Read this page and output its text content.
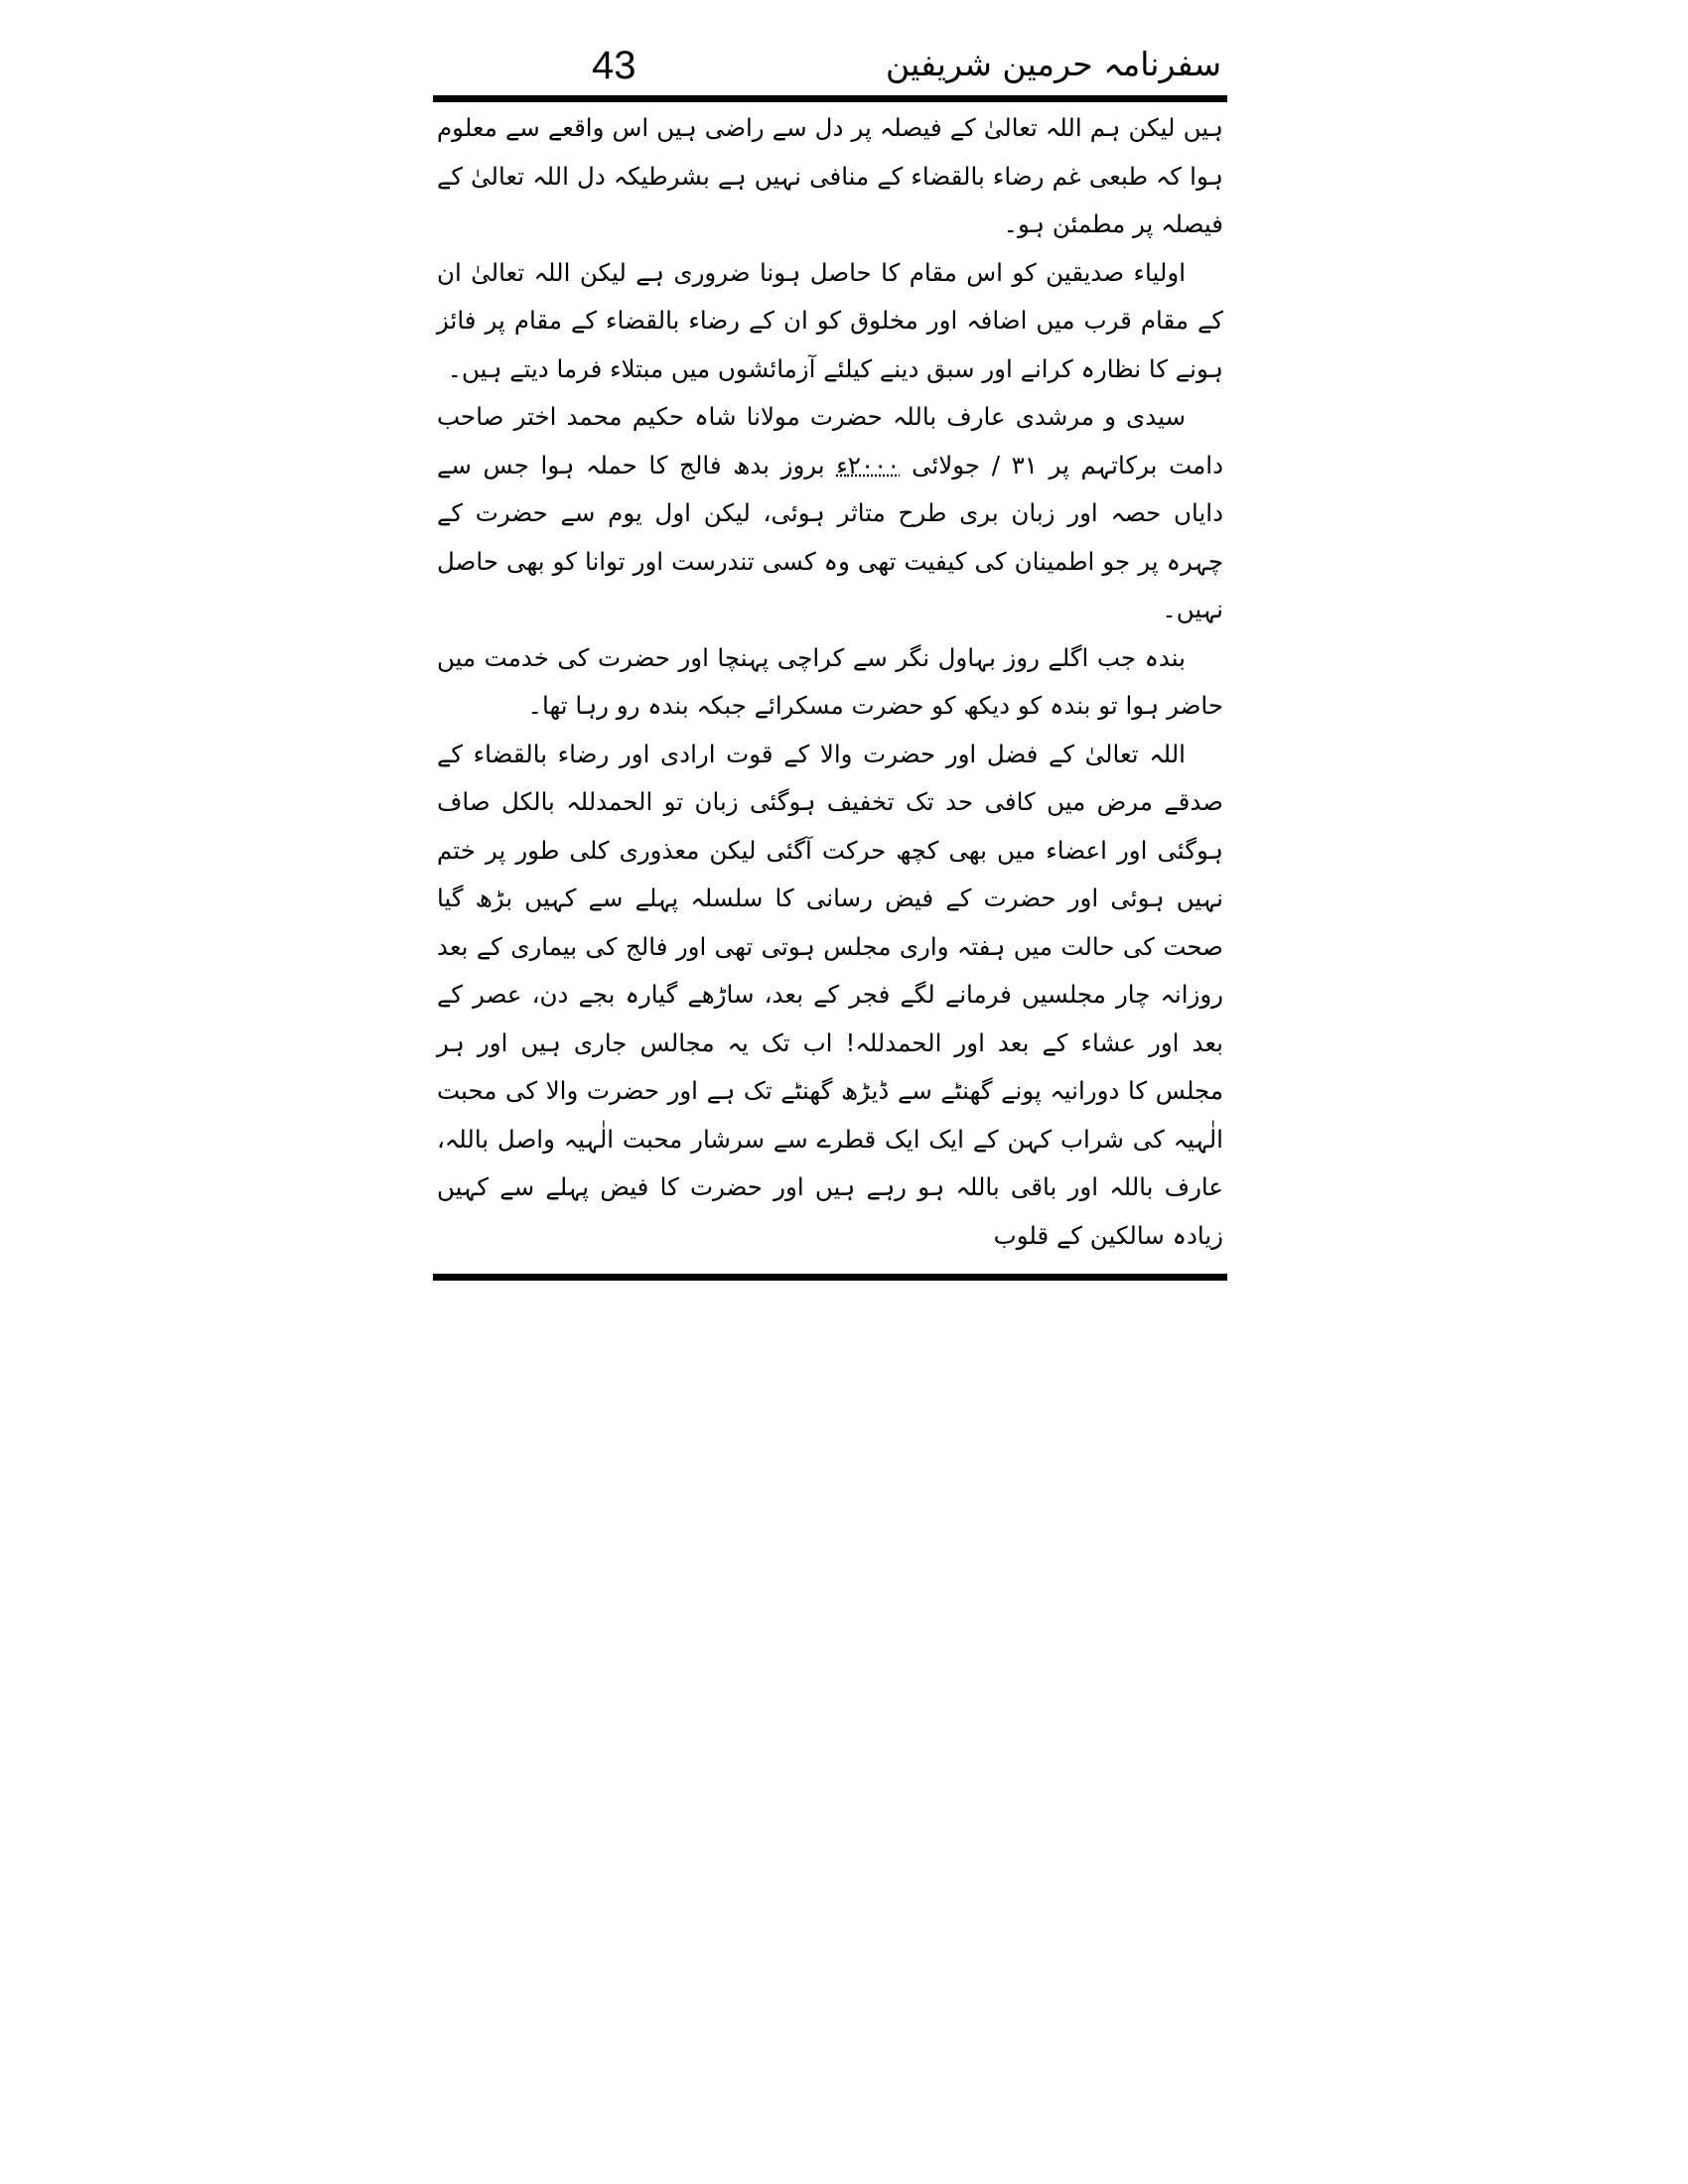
43	سفرنامہ حرمین شریفین

ہیں لیکن ہم اللہ تعالیٰ کے فیصلہ پر دل سے راضی ہیں اس واقعے سے معلوم ہوا کہ طبعی غم رضاء بالقضاء کے منافی نہیں ہے بشرطیکہ دل اللہ تعالیٰ کے فیصلہ پر مطمئن ہو۔

اولیاء صدیقین کو اس مقام کا حاصل ہونا ضروری ہے لیکن اللہ تعالیٰ ان کے مقام قرب میں اضافہ اور مخلوق کو ان کے رضاء بالقضاء کے مقام پر فائز ہونے کا نظارہ کرانے اور سبق دینے کیلئے آزمائشوں میں مبتلاء فرما دیتے ہیں۔

سیدی و مرشدی عارف باللہ حضرت مولانا شاہ حکیم محمد اختر صاحب دامت برکاتہم پر ۳۱ / جولائی ۲۰۰۰ء بروز بدھ فالج کا حملہ ہوا جس سے دایاں حصہ اور زبان بری طرح متاثر ہوئی، لیکن اول یوم سے حضرت کے چہرہ پر جو اطمینان کی کیفیت تھی وہ کسی تندرست اور توانا کو بھی حاصل نہیں۔

بندہ جب اگلے روز بہاول نگر سے کراچی پہنچا اور حضرت کی خدمت میں حاضر ہوا تو بندہ کو دیکھ کو حضرت مسکرائے جبکہ بندہ رو رہا تھا۔

اللہ تعالیٰ کے فضل اور حضرت والا کے قوت ارادی اور رضاء بالقضاء کے صدقے مرض میں کافی حد تک تخفیف ہوگئی زبان تو الحمدللہ بالکل صاف ہوگئی اور اعضاء میں بھی کچھ حرکت آگئی لیکن معذوری کلی طور پر ختم نہیں ہوئی اور حضرت کے فیض رسانی کا سلسلہ پہلے سے کہیں بڑھ گیا صحت کی حالت میں ہفتہ واری مجلس ہوتی تھی اور فالج کی بیماری کے بعد روزانہ چار مجلسیں فرمانے لگے فجر کے بعد، ساڑھے گیارہ بجے دن، عصر کے بعد اور عشاء کے بعد اور الحمدللہ! اب تک یہ مجالس جاری ہیں اور ہر مجلس کا دورانیہ پونے گھنٹے سے ڈیڑھ گھنٹے تک ہے اور حضرت والا کی محبت الٰہیہ کی شراب کہن کے ایک ایک قطرے سے سرشار محبت الٰہیہ واصل باللہ، عارف باللہ اور باقی باللہ ہو رہے ہیں اور حضرت کا فیض پہلے سے کہیں زیادہ سالکین کے قلوب
